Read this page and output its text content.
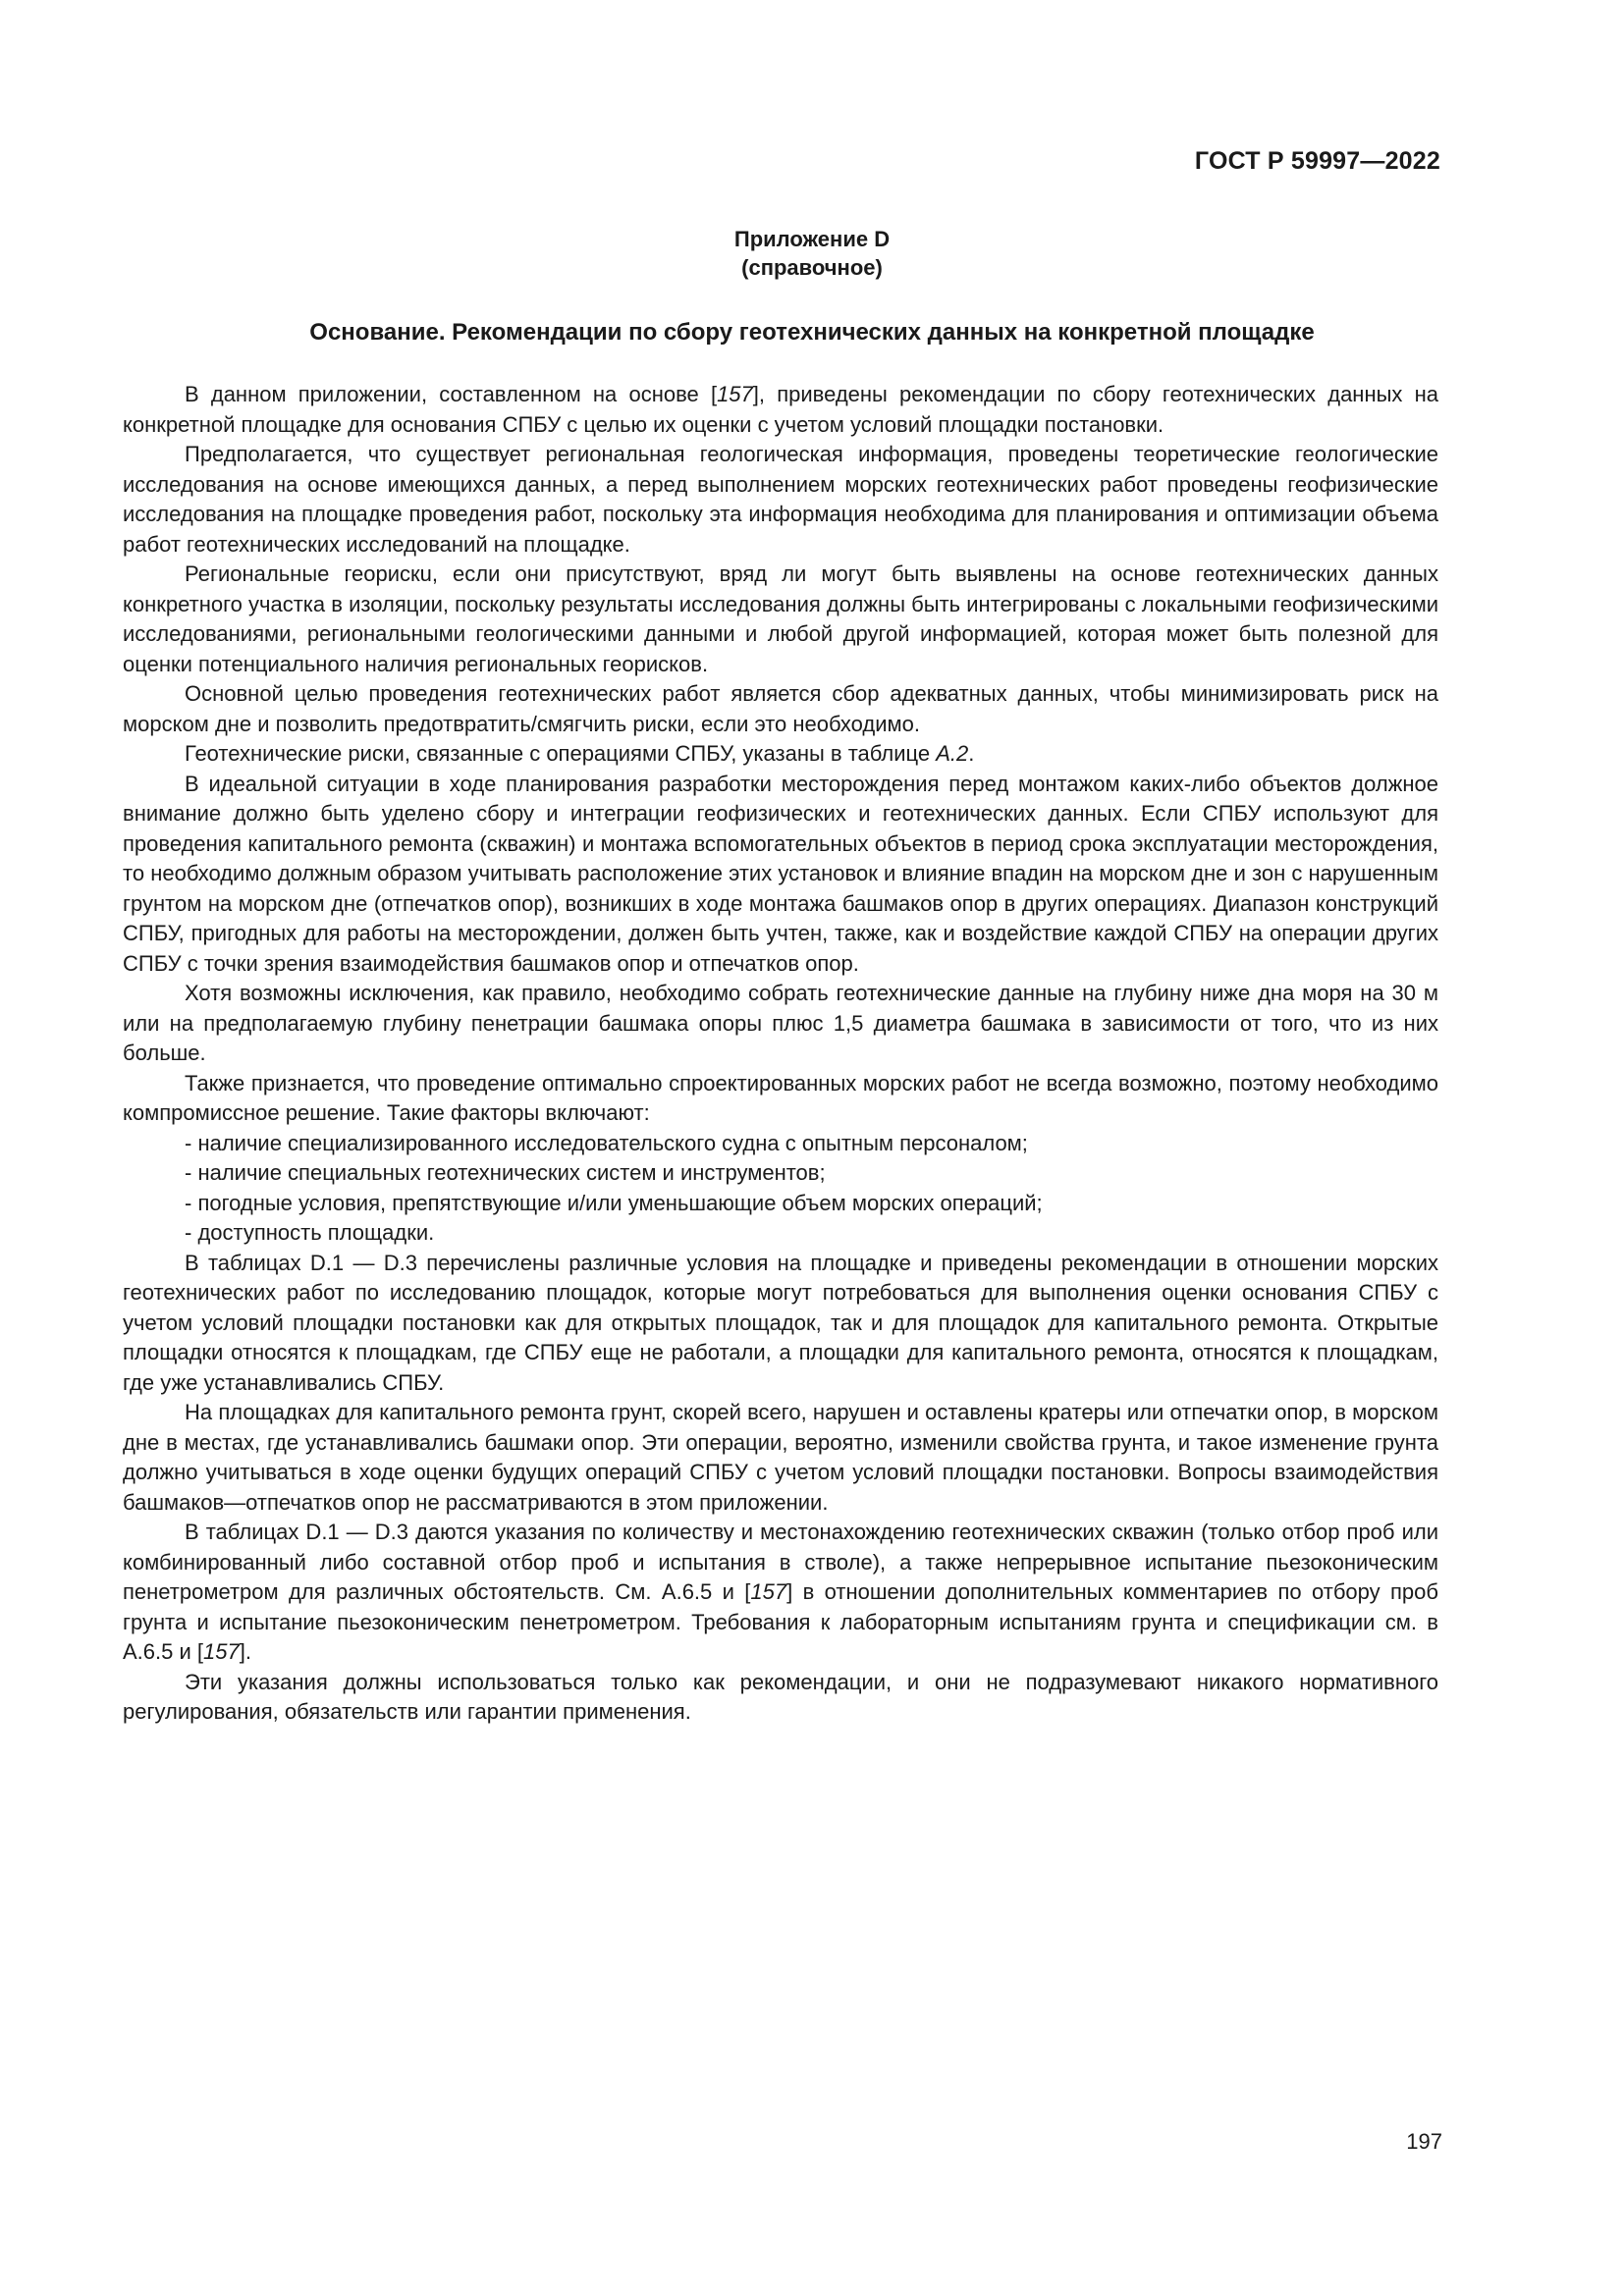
ГОСТ Р 59997—2022
Приложение D
(справочное)
Основание. Рекомендации по сбору геотехнических данных на конкретной площадке

В данном приложении, составленном на основе [157], приведены рекомендации по сбору геотехнических данных на конкретной площадке для основания СПБУ с целью их оценки с учетом условий площадки постановки.

Предполагается, что существует региональная геологическая информация, проведены теоретические геологические исследования на основе имеющихся данных, а перед выполнением морских геотехнических работ проведены геофизические исследования на площадке проведения работ, поскольку эта информация необходима для планирования и оптимизации объема работ геотехнических исследований на площадке.

Региональные георискu, если они присутствуют, вряд ли могут быть выявлены на основе геотехнических данных конкретного участка в изоляции, поскольку результаты исследования должны быть интегрированы с локальными геофизическими исследованиями, региональными геологическими данными и любой другой информацией, которая может быть полезной для оценки потенциального наличия региональных георисков.

Основной целью проведения геотехнических работ является сбор адекватных данных, чтобы минимизировать риск на морском дне и позволить предотвратить/смягчить риски, если это необходимо.

Геотехнические риски, связанные с операциями СПБУ, указаны в таблице А.2.

В идеальной ситуации в ходе планирования разработки месторождения перед монтажом каких-либо объектов должное внимание должно быть уделено сбору и интеграции геофизических и геотехнических данных. Если СПБУ используют для проведения капитального ремонта (скважин) и монтажа вспомогательных объектов в период срока эксплуатации месторождения, то необходимо должным образом учитывать расположение этих установок и влияние впадин на морском дне и зон с нарушенным грунтом на морском дне (отпечатков опор), возникших в ходе монтажа башмаков опор в других операциях. Диапазон конструкций СПБУ, пригодных для работы на месторождении, должен быть учтен, также, как и воздействие каждой СПБУ на операции других СПБУ с точки зрения взаимодействия башмаков опор и отпечатков опор.

Хотя возможны исключения, как правило, необходимо собрать геотехнические данные на глубину ниже дна моря на 30 м или на предполагаемую глубину пенетрации башмака опоры плюс 1,5 диаметра башмака в зависимости от того, что из них больше.

Также признается, что проведение оптимально спроектированных морских работ не всегда возможно, поэтому необходимо компромиссное решение. Такие факторы включают:

- наличие специализированного исследовательского судна с опытным персоналом;

- наличие специальных геотехнических систем и инструментов;

- погодные условия, препятствующие и/или уменьшающие объем морских операций;

- доступность площадки.

В таблицах D.1 — D.3 перечислены различные условия на площадке и приведены рекомендации в отношении морских геотехнических работ по исследованию площадок, которые могут потребоваться для выполнения оценки основания СПБУ с учетом условий площадки постановки как для открытых площадок, так и для площадок для капитального ремонта. Открытые площадки относятся к площадкам, где СПБУ еще не работали, а площадки для капитального ремонта, относятся к площадкам, где уже устанавливались СПБУ.

На площадках для капитального ремонта грунт, скорей всего, нарушен и оставлены кратеры или отпечатки опор, в морском дне в местах, где устанавливались башмаки опор. Эти операции, вероятно, изменили свойства грунта, и такое изменение грунта должно учитываться в ходе оценки будущих операций СПБУ с учетом условий площадки постановки. Вопросы взаимодействия башмаков—отпечатков опор не рассматриваются в этом приложении.

В таблицах D.1 — D.3 даются указания по количеству и местонахождению геотехнических скважин (только отбор проб или комбинированный либо составной отбор проб и испытания в стволе), а также непрерывное испытание пьезоконическим пенетрометром для различных обстоятельств. См. А.6.5 и [157] в отношении дополнительных комментариев по отбору проб грунта и испытание пьезоконическим пенетрометром. Требования к лабораторным испытаниям грунта и спецификации см. в А.6.5 и [157].

Эти указания должны использоваться только как рекомендации, и они не подразумевают никакого нормативного регулирования, обязательств или гарантии применения.

197
